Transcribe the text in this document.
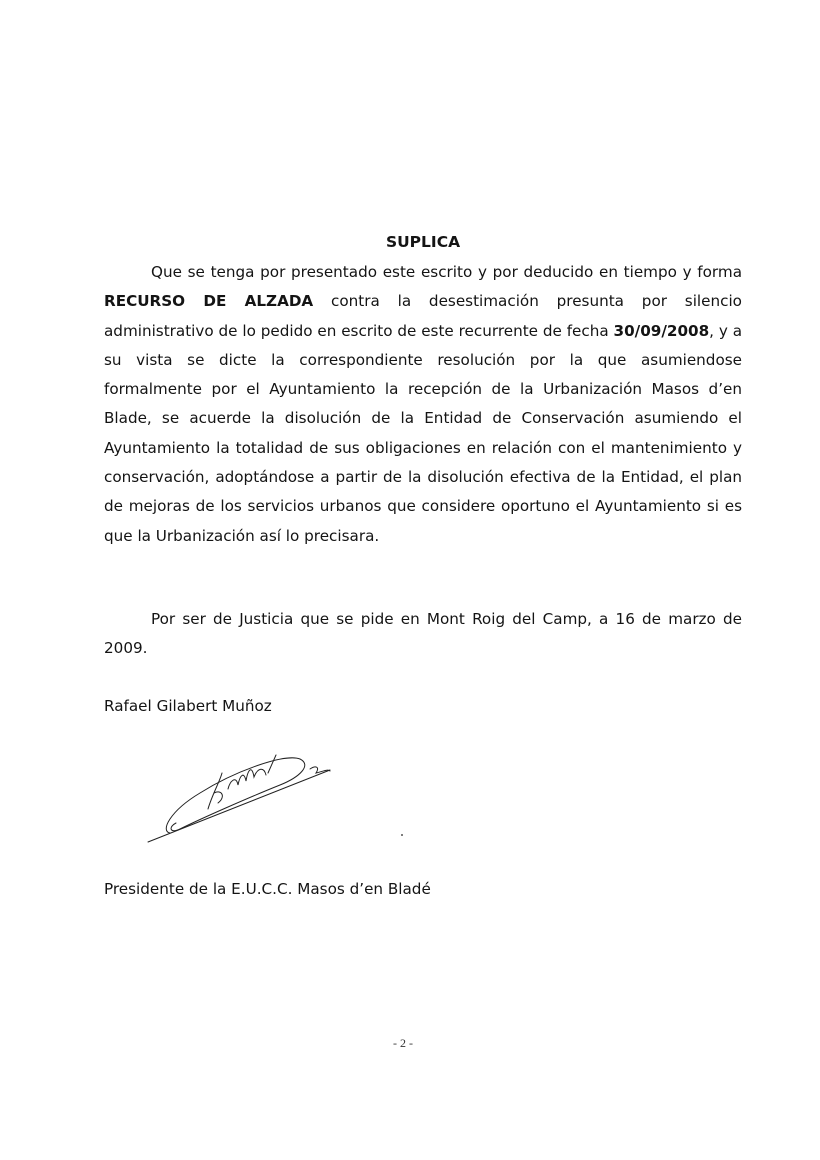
SUPLICA
Que se tenga por presentado este escrito y por deducido en tiempo y forma RECURSO DE ALZADA contra la desestimación presunta por silencio administrativo de lo pedido en escrito de este recurrente de fecha 30/09/2008, y a su vista se dicte la correspondiente resolución por la que asumiendose formalmente por el Ayuntamiento la recepción de la Urbanización Masos d’en Blade, se acuerde la disolución de la Entidad de Conservación asumiendo el Ayuntamiento la totalidad de sus obligaciones en relación con el mantenimiento y conservación, adoptándose a partir de la disolución efectiva de la Entidad, el plan de mejoras de los servicios urbanos que considere oportuno el Ayuntamiento si es que la Urbanización así lo precisara.
Por ser de Justicia que se pide en Mont Roig del Camp, a 16 de marzo de 2009.
Rafael Gilabert Muñoz
Presidente de la E.U.C.C. Masos d’en Bladé
- 2 -
